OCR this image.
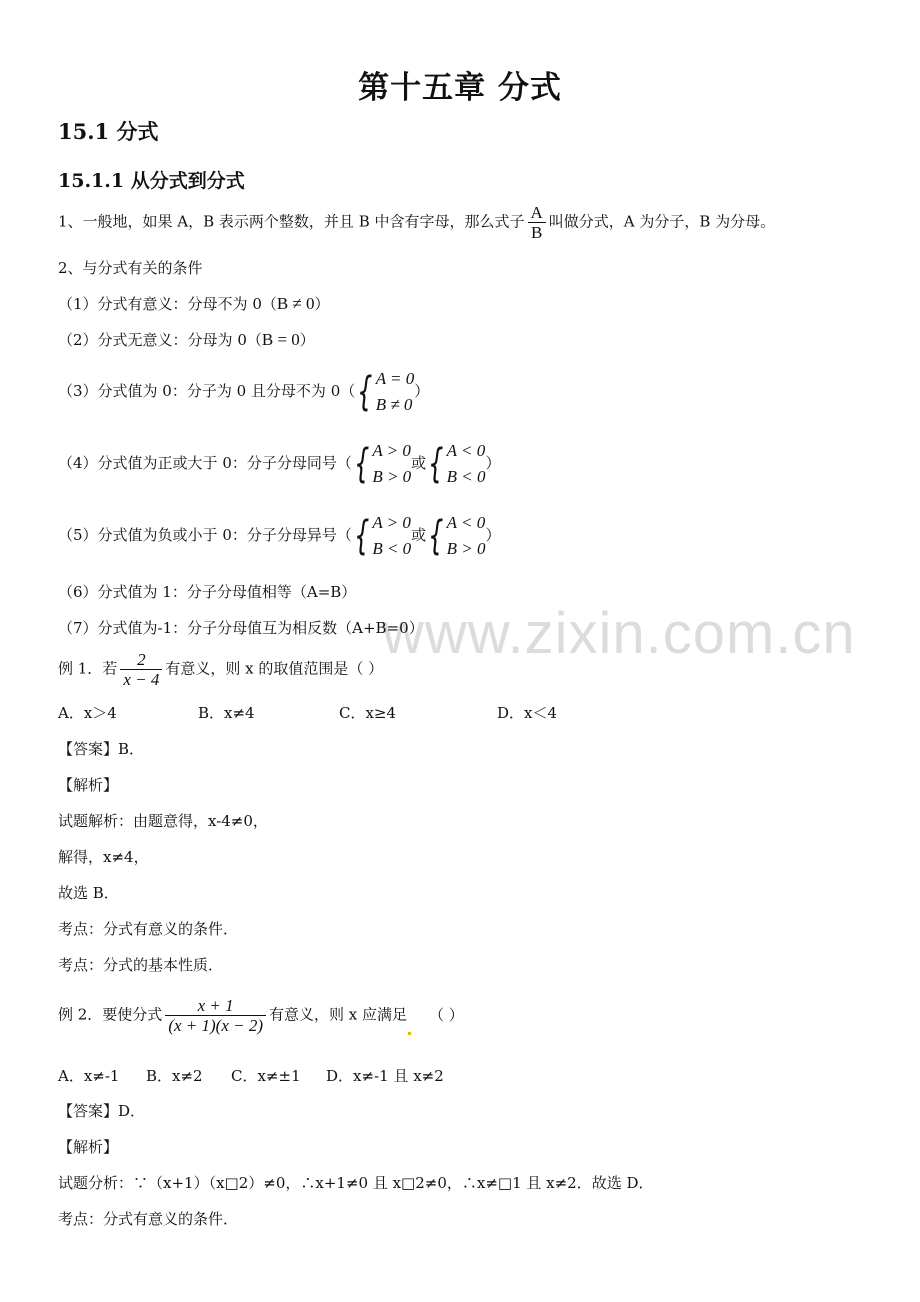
www.zixin.com.cn
第十五章 分式
15.1 分式
15.1.1 从分式到分式
1、一般地，如果 A，B 表示两个整数，并且 B 中含有字母，那么式子 $\frac{A}{B}$ 叫做分式，A 为分子，B 为分母。
2、与分式有关的条件
（1）分式有意义：分母不为 0（B ≠ 0）
（2）分式无意义：分母为 0（B = 0）
（3）分式值为 0：分子为 0 且分母不为 0（ { A = 0
B ≠ 0
）
（4）分式值为正或大于 0：分子分母同号（ { A > 0
B > 0
或 { A < 0
B < 0
）
（5）分式值为负或小于 0：分子分母异号（ { A > 0
B < 0
或 { A < 0
B > 0
）
（6）分式值为 1：分子分母值相等（A=B）
（7）分式值为-1：分子分母值互为相反数（A+B=0）
例 1．若 $\frac{2}{x - 4}$ 有意义，则 x 的取值范围是（ ）
A．x＞4	B．x≠4	C．x≥4	D．x＜4
【答案】B．
【解析】
试题解析：由题意得，x-4≠0，
解得，x≠4，
故选 B．
考点：分式有意义的条件．
考点：分式的基本性质．
例 2．要使分式 $\frac{x + 1}{(x + 1)(x - 2)}$ 有意义，则 x 应满足 （ ）
A．x≠-1 B．x≠2 C．x≠±1 D．x≠-1 且 x≠2
【答案】D．
【解析】
试题分析：∵（x+1）（x□2）≠0，∴x+1≠0 且 x□2≠0，∴x≠□1 且 x≠2．故选 D．
考点：分式有意义的条件．
